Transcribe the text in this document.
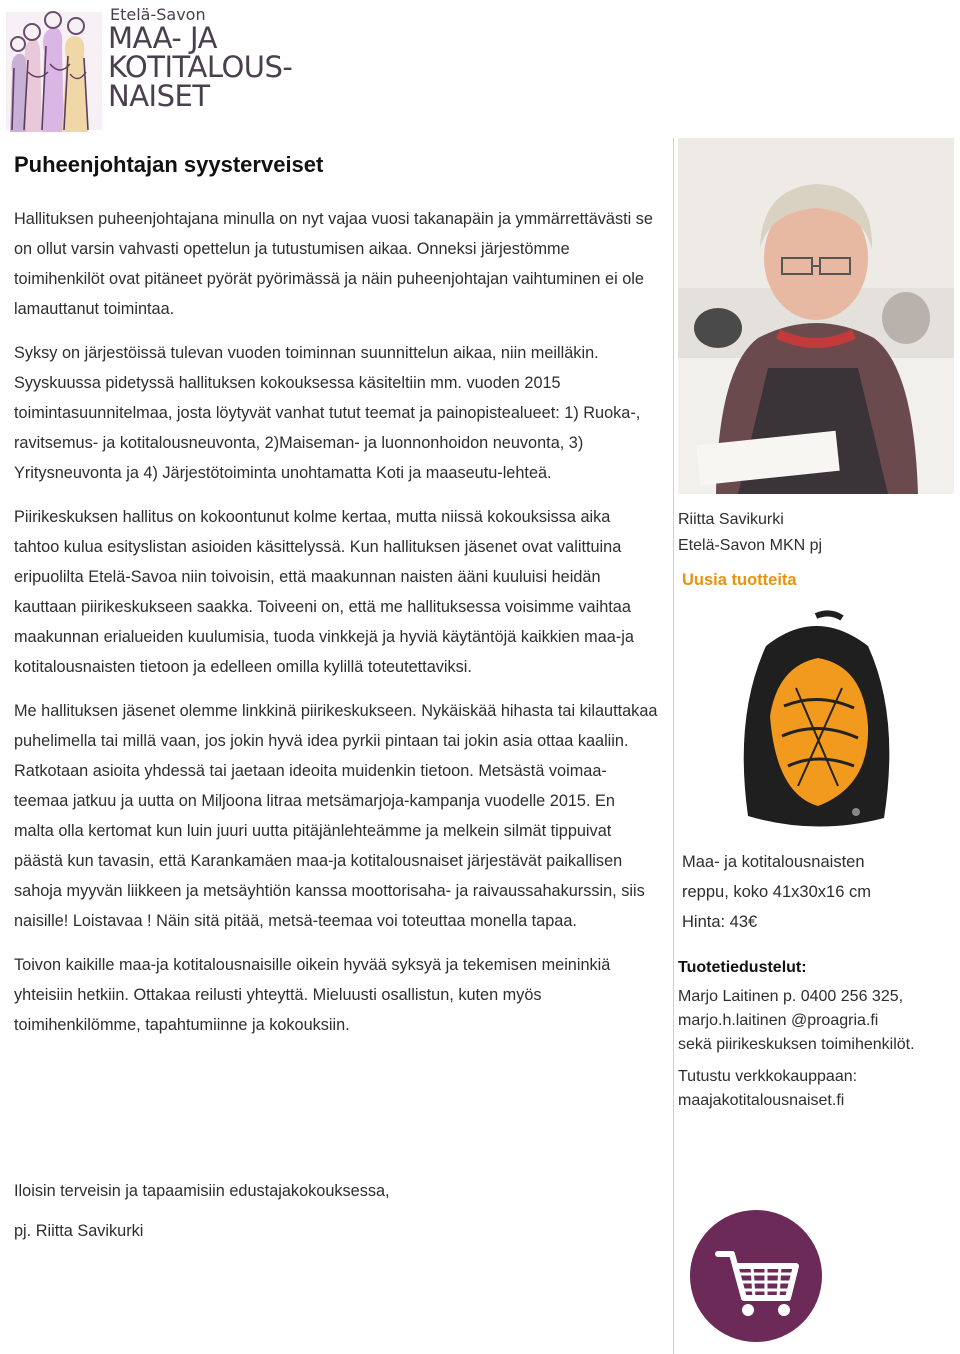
Etelä-Savon
MAA- JA
KOTITALOUS-
NAISET
Puheenjohtajan syysterveiset

Hallituksen puheenjohtajana minulla on nyt vajaa vuosi takanapäin ja ymmärrettävästi se on ollut varsin vahvasti opettelun ja tutustumisen aikaa. Onneksi järjestömme toimihenkilöt ovat pitäneet pyörät pyörimässä ja näin puheenjohtajan vaihtuminen ei ole lamauttanut toimintaa.

Syksy on järjestöissä tulevan vuoden toiminnan suunnittelun aikaa, niin meilläkin. Syyskuussa pidetyssä hallituksen kokouksessa käsiteltiin mm. vuoden 2015 toimintasuunnitelmaa, josta löytyvät vanhat tutut teemat ja painopistealueet: 1) Ruoka-, ravitsemus- ja kotitalousneuvonta, 2)Maiseman- ja luonnonhoidon neuvonta, 3) Yritysneuvonta ja 4) Järjestötoiminta unohtamatta Koti ja maaseutu-lehteä.

Piirikeskuksen hallitus on kokoontunut kolme kertaa, mutta niissä kokouksissa aika tahtoo kulua esityslistan asioiden käsittelyssä. Kun hallituksen jäsenet ovat valittuina eripuolilta Etelä-Savoa niin toivoisin, että maakunnan naisten ääni kuuluisi heidän kauttaan piirikeskukseen saakka. Toiveeni on, että me hallituksessa voisimme vaihtaa maakunnan erialueiden kuulumisia, tuoda vinkkejä ja hyviä käytäntöjä kaikkien maa-ja kotitalousnaisten tietoon ja edelleen omilla kylillä toteutettaviksi.

Me hallituksen jäsenet olemme linkkinä piirikeskukseen. Nykäiskää hihasta tai kilauttakaa puhelimella tai millä vaan, jos jokin hyvä idea pyrkii pintaan tai jokin asia ottaa kaaliin. Ratkotaan asioita yhdessä tai jaetaan ideoita muidenkin tietoon. Metsästä voimaa- teemaa jatkuu ja uutta on Miljoona litraa metsämarjoja-kampanja vuodelle 2015. En malta olla kertomat kun luin juuri uutta pitäjänlehteämme ja melkein silmät tippuivat päästä kun tavasin, että Karankamäen maa-ja kotitalousnaiset järjestävät paikallisen sahoja myyvän liikkeen ja metsäyhtiön kanssa moottorisaha- ja raivaussahakurssin, siis naisille! Loistavaa ! Näin sitä pitää, metsä-teemaa voi toteuttaa monella tapaa.

Toivon kaikille maa-ja kotitalousnaisille oikein hyvää syksyä ja tekemisen meininkiä yhteisiin hetkiin. Ottakaa reilusti yhteyttä. Mieluusti osallistun, kuten myös toimihenkilömme, tapahtumiinne ja kokouksiin.

Iloisin terveisin ja tapaamisiin edustajakokouksessa,

pj. Riitta Savikurki

Riitta Savikurki
Etelä-Savon MKN pj
Uusia tuotteita
Maa- ja kotitalousnaisten
reppu, koko 41x30x16 cm
Hinta: 43€
Tuotetiedustelut:
Marjo Laitinen p. 0400 256 325,
marjo.h.laitinen @proagria.fi
sekä piirikeskuksen toimihenkilöt.
Tutustu verkkokauppaan:
maajakotitalousnaiset.fi
